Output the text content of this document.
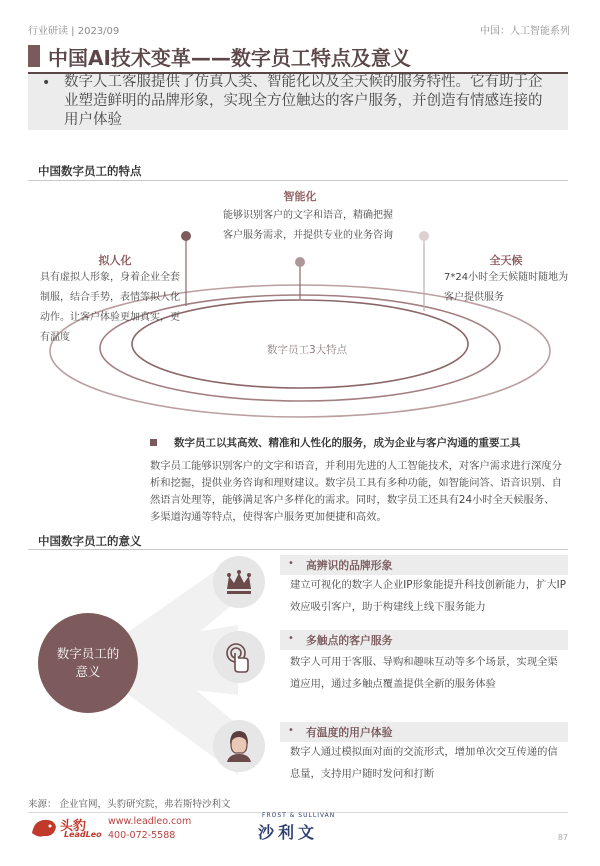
行业研读 | 2023/09	中国：人工智能系列
中国AI技术变革——数字员工特点及意义
• 数字人工客服提供了仿真人类、智能化以及全天候的服务特性。它有助于企业塑造鲜明的品牌形象，实现全方位触达的客户服务，并创造有情感连接的用户体验
中国数字员工的特点
数字员工3大特点
拟人化
具有虚拟人形象，身着企业全套制服，结合手势，表情等拟人化动作。让客户体验更加真实，更有温度
智能化
能够识别客户的文字和语音，精确把握客户服务需求，并提供专业的业务咨询
全天候
7*24小时全天候随时随地为客户提供服务
数字员工以其高效、精准和人性化的服务，成为企业与客户沟通的重要工具
数字员工能够识别客户的文字和语音，并利用先进的人工智能技术，对客户需求进行深度分析和挖掘，提供业务咨询和理财建议。数字员工具有多种功能，如智能问答、语音识别、自然语言处理等，能够满足客户多样化的需求。同时，数字员工还具有24小时全天候服务、多渠道沟通等特点，使得客户服务更加便捷和高效。
中国数字员工的意义
数字员工的意义
• 高辨识的品牌形象
建立可视化的数字人企业IP形象能提升科技创新能力，扩大IP效应吸引客户，助于构建线上线下服务能力
• 多触点的客户服务
数字人可用于客服、导购和趣味互动等多个场景，实现全渠道应用，通过多触点覆盖提供全新的服务体验
• 有温度的用户体验
数字人通过模拟面对面的交流形式，增加单次交互传递的信息量，支持用户随时发问和打断
来源： 企业官网，头豹研究院，弗若斯特沙利文
头豹
LeadLeo
www.leadleo.com
400-072-5588
FROST & SULLIVAN
沙利文	87
